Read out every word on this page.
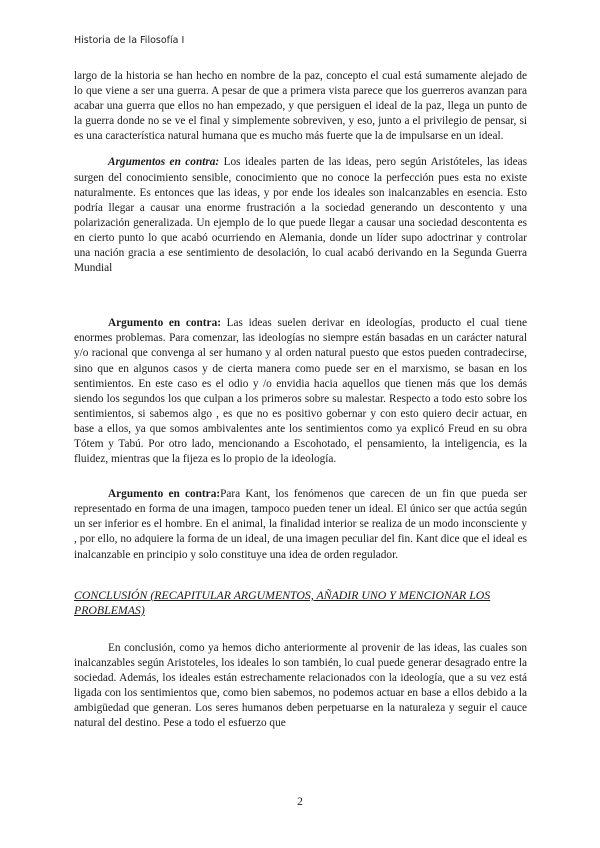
Historia de la Filosofía I

largo de la historia se han hecho en nombre de la paz, concepto el cual está sumamente alejado de lo que viene a ser una guerra. A pesar de que a primera vista parece que los guerreros avanzan para acabar una guerra que ellos no han empezado, y que persiguen el ideal de la paz, llega un punto de la guerra donde no se ve el final y simplemente sobreviven, y eso, junto a el privilegio de pensar, si es una característica natural humana que es mucho más fuerte que la de impulsarse en un ideal.

Argumentos en contra: Los ideales parten de las ideas, pero según Aristóteles, las ideas surgen del conocimiento sensible, conocimiento que no conoce la perfección pues esta no existe naturalmente. Es entonces que las ideas, y por ende los ideales son inalcanzables en esencia. Esto podría llegar a causar una enorme frustración a la sociedad generando un descontento y una polarización generalizada. Un ejemplo de lo que puede llegar a causar una sociedad descontenta es en cierto punto lo que acabó ocurriendo en Alemania, donde un líder supo adoctrinar y controlar una nación gracia a ese sentimiento de desolación, lo cual acabó derivando en la Segunda Guerra Mundial

Argumento en contra: Las ideas suelen derivar en ideologías, producto el cual tiene enormes problemas. Para comenzar, las ideologías no siempre están basadas en un carácter natural y/o racional que convenga al ser humano y al orden natural puesto que estos pueden contradecirse, sino que en algunos casos y de cierta manera como puede ser en el marxismo, se basan en los sentimientos. En este caso es el odio y /o envidia hacia aquellos que tienen más que los demás siendo los segundos los que culpan a los primeros sobre su malestar. Respecto a todo esto sobre los sentimientos, si sabemos algo , es que no es positivo gobernar y con esto quiero decir actuar, en base a ellos, ya que somos ambivalentes ante los sentimientos como ya explicó Freud en su obra Tótem y Tabú. Por otro lado, mencionando a Escohotado, el pensamiento, la inteligencia, es la fluidez, mientras que la fijeza es lo propio de la ideología.

Argumento en contra:Para Kant, los fenómenos que carecen de un fin que pueda ser representado en forma de una imagen, tampoco pueden tener un ideal. El único ser que actúa según un ser inferior es el hombre. En el animal, la finalidad interior se realiza de un modo inconsciente y , por ello, no adquiere la forma de un ideal, de una imagen peculiar del fin. Kant dice que el ideal es inalcanzable en principio y solo constituye una idea de orden regulador.

CONCLUSIÓN (RECAPITULAR ARGUMENTOS, AÑADIR UNO Y MENCIONAR LOS PROBLEMAS)

En conclusión, como ya hemos dicho anteriormente al provenir de las ideas, las cuales son inalcanzables según Aristoteles, los ideales lo son también, lo cual puede generar desagrado entre la sociedad. Además, los ideales están estrechamente relacionados con la ideología, que a su vez está ligada con los sentimientos que, como bien sabemos, no podemos actuar en base a ellos debido a la ambigüedad que generan. Los seres humanos deben perpetuarse en la naturaleza y seguir el cauce natural del destino. Pese a todo el esfuerzo que

2
